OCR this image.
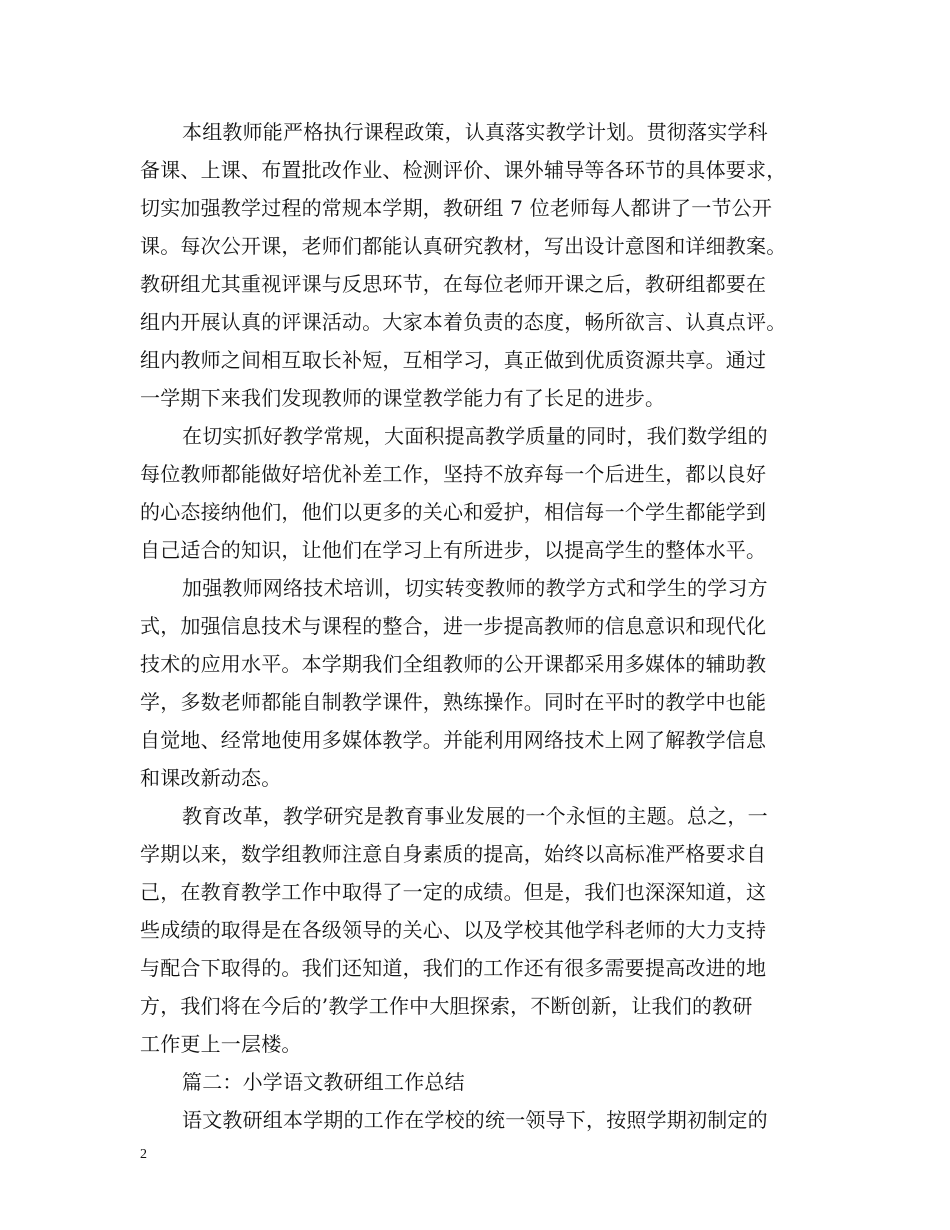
本组教师能严格执行课程政策，认真落实教学计划。贯彻落实学科
备课、上课、布置批改作业、检测评价、课外辅导等各环节的具体要求，
切实加强教学过程的常规本学期，教研组 7 位老师每人都讲了一节公开
课。每次公开课，老师们都能认真研究教材，写出设计意图和详细教案。
教研组尤其重视评课与反思环节，在每位老师开课之后，教研组都要在
组内开展认真的评课活动。大家本着负责的态度，畅所欲言、认真点评。
组内教师之间相互取长补短，互相学习，真正做到优质资源共享。通过
一学期下来我们发现教师的课堂教学能力有了长足的进步。
在切实抓好教学常规，大面积提高教学质量的同时，我们数学组的
每位教师都能做好培优补差工作，坚持不放弃每一个后进生，都以良好
的心态接纳他们，他们以更多的关心和爱护，相信每一个学生都能学到
自己适合的知识，让他们在学习上有所进步，以提高学生的整体水平。
加强教师网络技术培训，切实转变教师的教学方式和学生的学习方
式，加强信息技术与课程的整合，进一步提高教师的信息意识和现代化
技术的应用水平。本学期我们全组教师的公开课都采用多媒体的辅助教
学，多数老师都能自制教学课件，熟练操作。同时在平时的教学中也能
自觉地、经常地使用多媒体教学。并能利用网络技术上网了解教学信息
和课改新动态。
教育改革，教学研究是教育事业发展的一个永恒的主题。总之，一
学期以来，数学组教师注意自身素质的提高，始终以高标准严格要求自
己，在教育教学工作中取得了一定的成绩。但是，我们也深深知道，这
些成绩的取得是在各级领导的关心、以及学校其他学科老师的大力支持
与配合下取得的。我们还知道，我们的工作还有很多需要提高改进的地
方，我们将在今后的’教学工作中大胆探索，不断创新，让我们的教研
工作更上一层楼。
篇二：小学语文教研组工作总结
语文教研组本学期的工作在学校的统一领导下，按照学期初制定的
2
